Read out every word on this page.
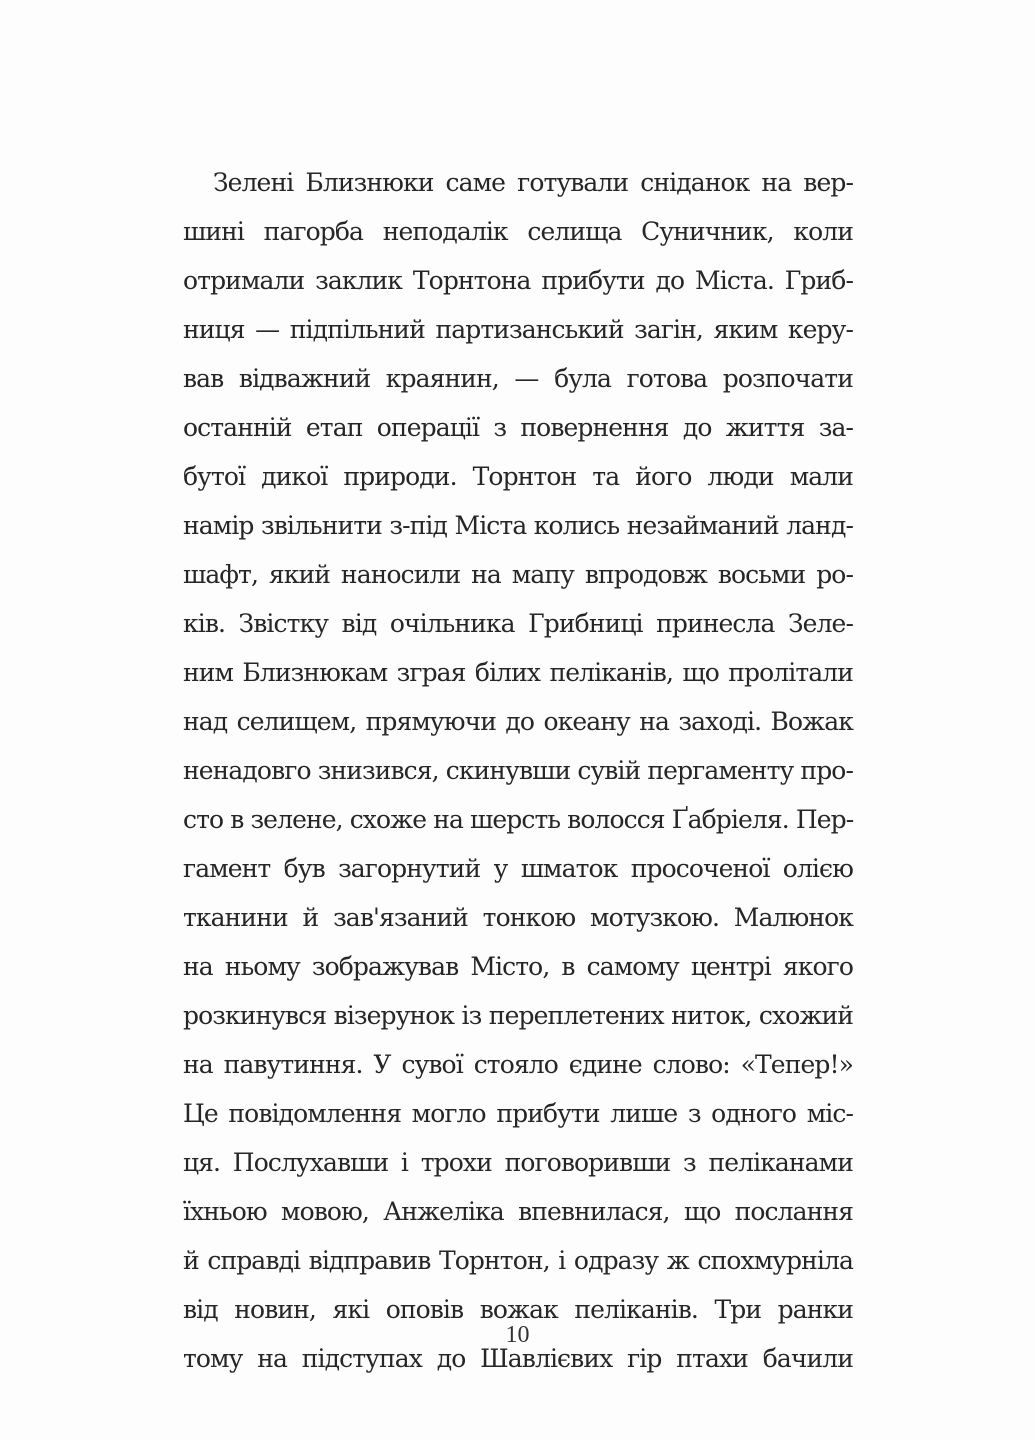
Зелені Близнюки саме готували сніданок на вер-
шині пагорба неподалік селища Суничник, коли
отримали заклик Торнтона прибути до Міста. Гриб-
ниця — підпільний партизанський загін, яким керу-
вав відважний краянин, — була готова розпочати
останній етап операції з повернення до життя за-
бутої дикої природи. Торнтон та його люди мали
намір звільнити з-під Міста колись незайманий ланд-
шафт, який наносили на мапу впродовж восьми ро-
ків. Звістку від очільника Грибниці принесла Зеле-
ним Близнюкам зграя білих пеліканів, що пролітали
над селищем, прямуючи до океану на заході. Вожак
ненадовго знизився, скинувши сувій пергаменту про-
сто в зелене, схоже на шерсть волосся Ґабріеля. Пер-
гамент був загорнутий у шматок просоченої олією
тканини й зав'язаний тонкою мотузкою. Малюнок
на ньому зображував Місто, в самому центрі якого
розкинувся візерунок із переплетених ниток, схожий
на павутиння. У сувої стояло єдине слово: «Тепер!»
Це повідомлення могло прибути лише з одного міс-
ця. Послухавши і трохи поговоривши з пеліканами
їхньою мовою, Анжеліка впевнилася, що послання
й справді відправив Торнтон, і одразу ж спохмурніла
від новин, які оповів вожак пеліканів. Три ранки
тому на підступах до Шавлієвих гір птахи бачили
10
